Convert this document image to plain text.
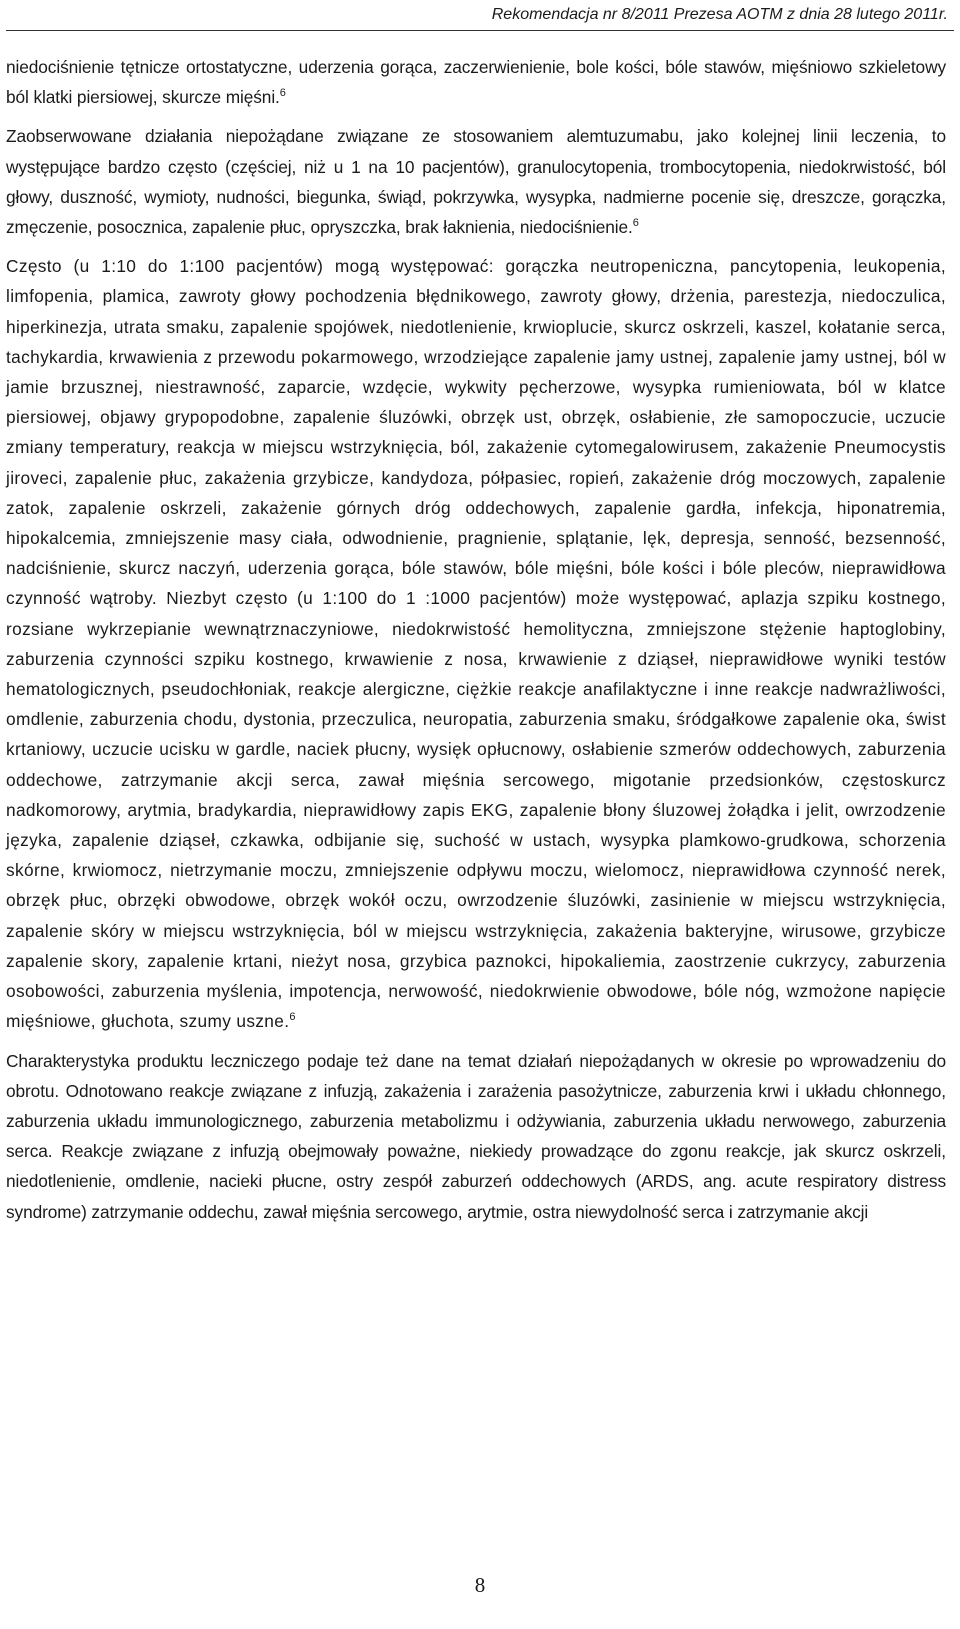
Rekomendacja nr 8/2011 Prezesa AOTM z dnia 28 lutego 2011r.

niedociśnienie tętnicze ortostatyczne, uderzenia gorąca, zaczerwienienie, bole kości, bóle stawów, mięśniowo szkieletowy ból klatki piersiowej, skurcze mięśni.$^6$

Zaobserwowane działania niepożądane związane ze stosowaniem alemtuzumabu, jako kolejnej linii leczenia, to występujące bardzo często (częściej, niż u 1 na 10 pacjentów), granulocytopenia, trombocytopenia, niedokrwistość, ból głowy, duszność, wymioty, nudności, biegunka, świąd, pokrzywka, wysypka, nadmierne pocenie się, dreszcze, gorączka, zmęczenie, posocznica, zapalenie płuc, opryszczka, brak łaknienia, niedociśnienie.$^6$

Często (u 1:10 do 1:100 pacjentów) mogą występować: gorączka neutropeniczna, pancytopenia, leukopenia, limfopenia, plamica, zawroty głowy pochodzenia błędnikowego, zawroty głowy, drżenia, parestezja, niedoczulica, hiperkinezja, utrata smaku, zapalenie spojówek, niedotlenienie, krwioplucie, skurcz oskrzeli, kaszel, kołatanie serca, tachykardia, krwawienia z przewodu pokarmowego, wrzodziejące zapalenie jamy ustnej, zapalenie jamy ustnej, ból w jamie brzusznej, niestrawność, zaparcie, wzdęcie, wykwity pęcherzowe, wysypka rumieniowata, ból w klatce piersiowej, objawy grypopodobne, zapalenie śluzówki, obrzęk ust, obrzęk, osłabienie, złe samopoczucie, uczucie zmiany temperatury, reakcja w miejscu wstrzyknięcia, ból, zakażenie cytomegalowirusem, zakażenie Pneumocystis jiroveci, zapalenie płuc, zakażenia grzybicze, kandydoza, półpasiec, ropień, zakażenie dróg moczowych, zapalenie zatok, zapalenie oskrzeli, zakażenie górnych dróg oddechowych, zapalenie gardła, infekcja, hiponatremia, hipokalcemia, zmniejszenie masy ciała, odwodnienie, pragnienie, splątanie, lęk, depresja, senność, bezsenność, nadciśnienie, skurcz naczyń, uderzenia gorąca, bóle stawów, bóle mięśni, bóle kości i bóle pleców, nieprawidłowa czynność wątroby. Niezbyt często (u 1:100 do 1 :1000 pacjentów) może występować, aplazja szpiku kostnego, rozsiane wykrzepianie wewnątrznaczyniowe, niedokrwistość hemolityczna, zmniejszone stężenie haptoglobiny, zaburzenia czynności szpiku kostnego, krwawienie z nosa, krwawienie z dziąseł, nieprawidłowe wyniki testów hematologicznych, pseudochłoniak, reakcje alergiczne, ciężkie reakcje anafilaktyczne i inne reakcje nadwrażliwości, omdlenie, zaburzenia chodu, dystonia, przeczulica, neuropatia, zaburzenia smaku, śródgałkowe zapalenie oka, świst krtaniowy, uczucie ucisku w gardle, naciek płucny, wysięk opłucnowy, osłabienie szmerów oddechowych, zaburzenia oddechowe, zatrzymanie akcji serca, zawał mięśnia sercowego, migotanie przedsionków, częstoskurcz nadkomorowy, arytmia, bradykardia, nieprawidłowy zapis EKG, zapalenie błony śluzowej żołądka i jelit, owrzodzenie języka, zapalenie dziąseł, czkawka, odbijanie się, suchość w ustach, wysypka plamkowo-grudkowa, schorzenia skórne, krwiomocz, nietrzymanie moczu, zmniejszenie odpływu moczu, wielomocz, nieprawidłowa czynność nerek, obrzęk płuc, obrzęki obwodowe, obrzęk wokół oczu, owrzodzenie śluzówki, zasinienie w miejscu wstrzyknięcia, zapalenie skóry w miejscu wstrzyknięcia, ból w miejscu wstrzyknięcia, zakażenia bakteryjne, wirusowe, grzybicze zapalenie skory, zapalenie krtani, nieżyt nosa, grzybica paznokci, hipokaliemia, zaostrzenie cukrzycy, zaburzenia osobowości, zaburzenia myślenia, impotencja, nerwowość, niedokrwienie obwodowe, bóle nóg, wzmożone napięcie mięśniowe, głuchota, szumy uszne.$^6$

Charakterystyka produktu leczniczego podaje też dane na temat działań niepożądanych w okresie po wprowadzeniu do obrotu. Odnotowano reakcje związane z infuzją, zakażenia i zarażenia pasożytnicze, zaburzenia krwi i układu chłonnego, zaburzenia układu immunologicznego, zaburzenia metabolizmu i odżywiania, zaburzenia układu nerwowego, zaburzenia serca. Reakcje związane z infuzją obejmowały poważne, niekiedy prowadzące do zgonu reakcje, jak skurcz oskrzeli, niedotlenienie, omdlenie, nacieki płucne, ostry zespół zaburzeń oddechowych (ARDS, ang. acute respiratory distress syndrome) zatrzymanie oddechu, zawał mięśnia sercowego, arytmie, ostra niewydolność serca i zatrzymanie akcji

8
